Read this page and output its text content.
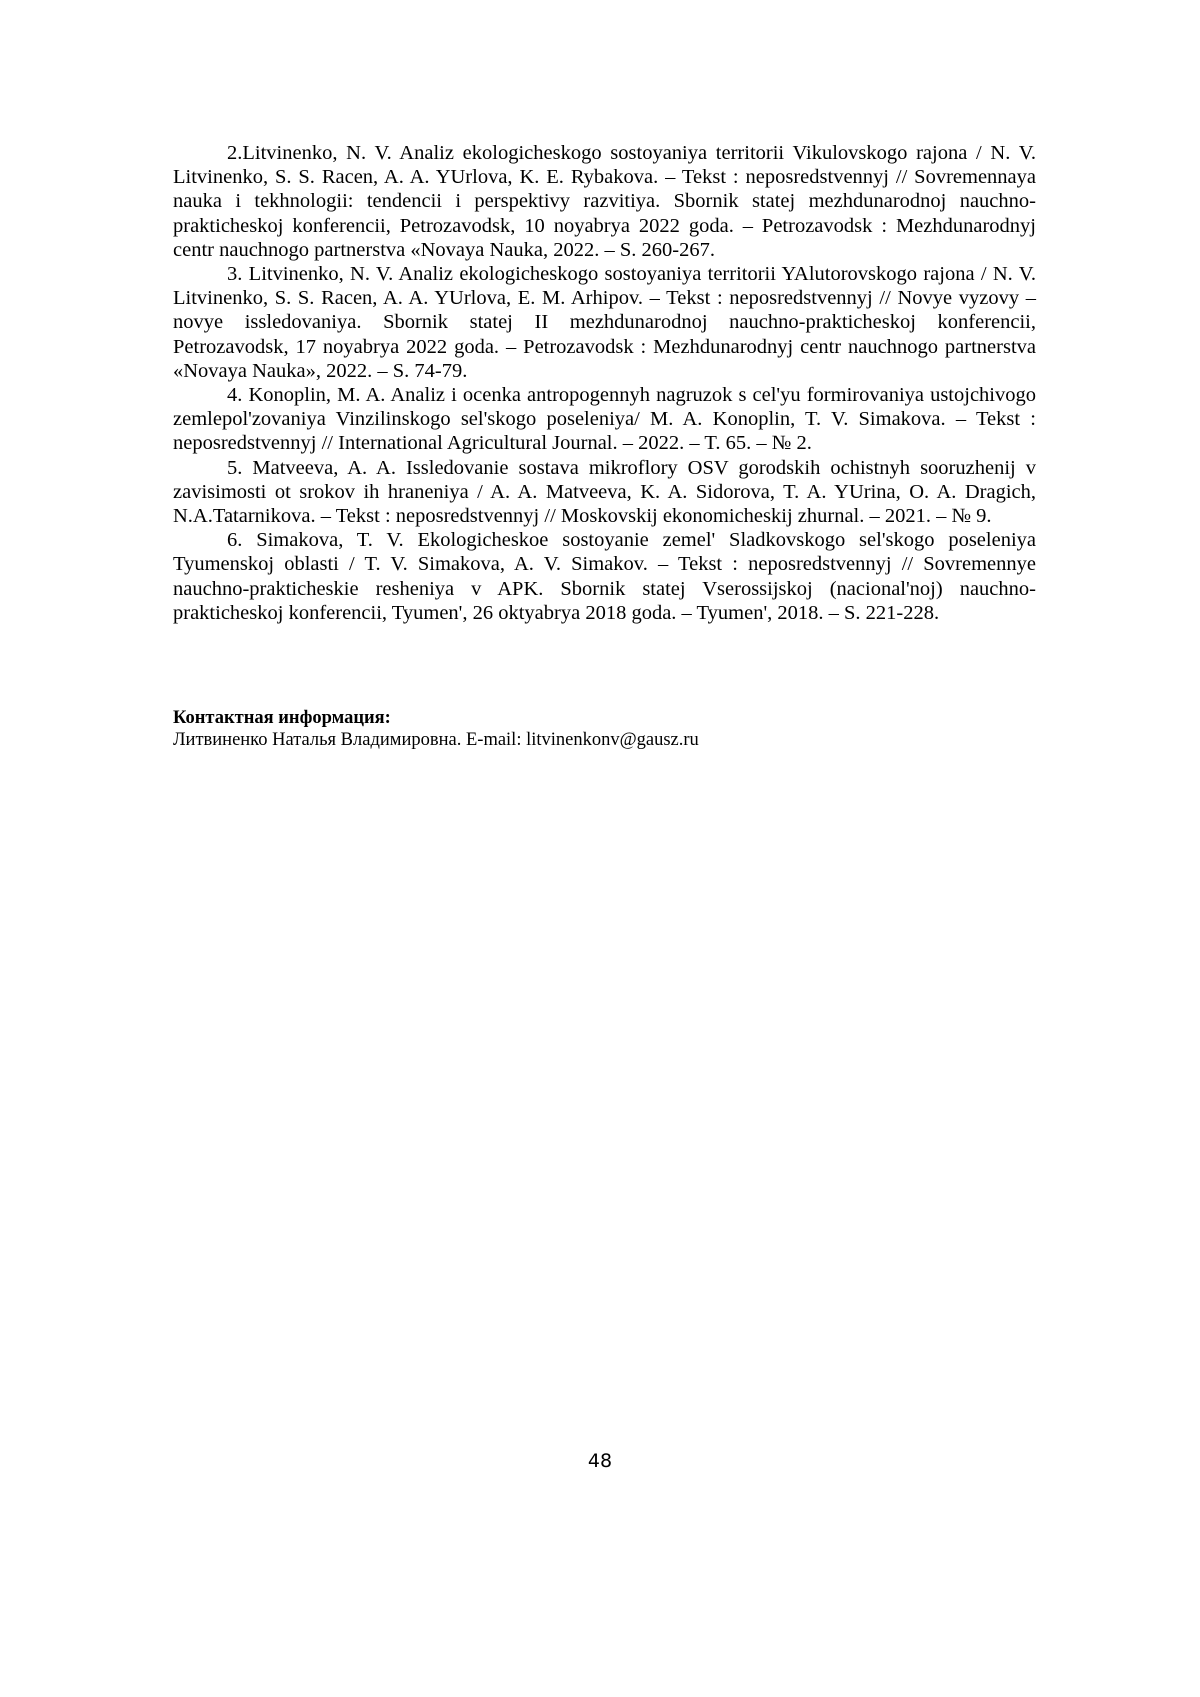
2.Litvinenko, N. V. Analiz ekologicheskogo sostoyaniya territorii Vikulovskogo rajona / N. V. Litvinenko, S. S. Racen, A. A. YUrlova, K. E. Rybakova. – Tekst : neposredstvennyj // Sovremennaya nauka i tekhnologii: tendencii i perspektivy razvitiya. Sbornik statej mezhdunarodnoj nauchno-prakticheskoj konferencii, Petrozavodsk, 10 noyabrya 2022 goda. – Petrozavodsk : Mezhdunarodnyj centr nauchnogo partnerstva «Novaya Nauka, 2022. – S. 260-267.

3. Litvinenko, N. V. Analiz ekologicheskogo sostoyaniya territorii YAlutorovskogo rajona / N. V. Litvinenko, S. S. Racen, A. A. YUrlova, E. M. Arhipov. – Tekst : neposredstvennyj // Novye vyzovy – novye issledovaniya. Sbornik statej II mezhdunarodnoj nauchno-prakticheskoj konferencii, Petrozavodsk, 17 noyabrya 2022 goda. – Petrozavodsk : Mezhdunarodnyj centr nauchnogo partnerstva «Novaya Nauka», 2022. – S. 74-79.

4. Konoplin, M. A. Analiz i ocenka antropogennyh nagruzok s cel'yu formirovaniya ustojchivogo zemlepol'zovaniya Vinzilinskogo sel'skogo poseleniya/ M. A. Konoplin, T. V. Simakova. – Tekst : neposredstvennyj // International Agricultural Journal. – 2022. – T. 65. – № 2.

5. Matveeva, A. A. Issledovanie sostava mikroflory OSV gorodskih ochistnyh sooruzhenij v zavisimosti ot srokov ih hraneniya / A. A. Matveeva, K. A. Sidorova, T. A. YUrina, O. A. Dragich, N.A.Tatarnikova. – Tekst : neposredstvennyj // Moskovskij ekonomicheskij zhurnal. – 2021. – № 9.

6. Simakova, T. V. Ekologicheskoe sostoyanie zemel' Sladkovskogo sel'skogo poseleniya Tyumenskoj oblasti / T. V. Simakova, A. V. Simakov. – Tekst : neposredstvennyj // Sovremennye nauchno-prakticheskie resheniya v APK. Sbornik statej Vserossijskoj (nacional'noj) nauchno-prakticheskoj konferencii, Tyumen', 26 oktyabrya 2018 goda. – Tyumen', 2018. – S. 221-228.

Контактная информация:

Литвиненко Наталья Владимировна. E-mail: litvinenkonv@gausz.ru

48
